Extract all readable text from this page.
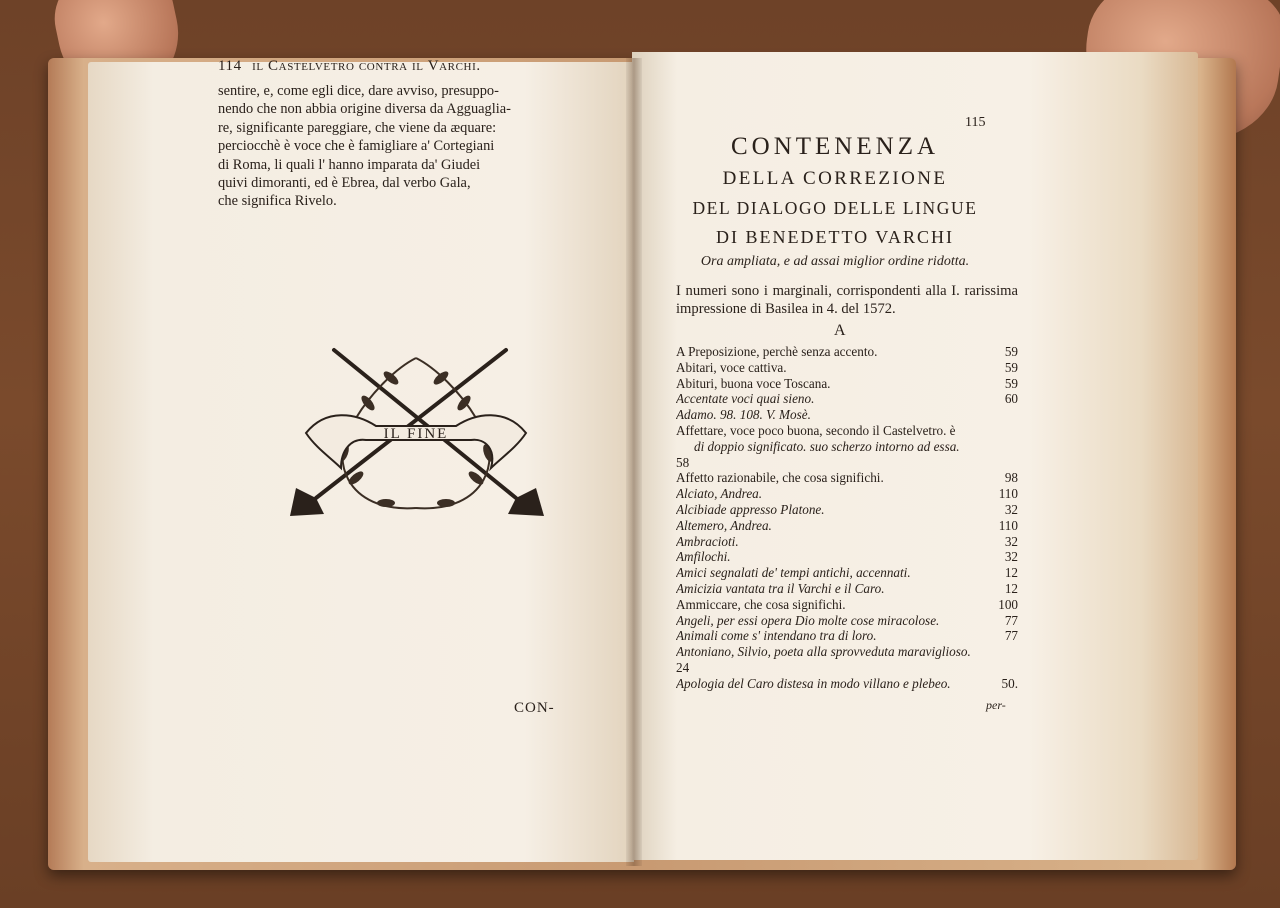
114 il Castelvetro contra il Varchi.

sentire, e, come egli dice, dare avviso, presuppo-

nendo che non abbia origine diversa da Agguagliа-

re, significante pareggiare, che viene da æquare:

perciocchè è voce che è famigliare a' Cortegiani

di Roma, li quali l' hanno imparata da' Giudei

quivi dimoranti, ed è Ebrea, dal verbo Gala,

che significa Rivelo.

IL FINE
CON-
115
CONTENENZA
DELLA CORREZIONE
DEL DIALOGO DELLE LINGUE
DI BENEDETTO VARCHI
Ora ampliata, e ad assai miglior ordine ridotta.
I numeri sono i marginali, corrispondenti alla I. rarissima impressione di Basilea in 4. del 1572.
A
A Preposizione, perchè senza accento.	59
Abitari, voce cattiva.	59
Abituri, buona voce Toscana.	59
Accentate voci quai sieno.	60
Adamo. 98. 108. V. Mosè.
Affettare, voce poco buona, secondo il Castelvetro. è
di doppio significato. suo scherzo intorno ad essa.
58
Affetto razionabile, che cosa significhi.	98
Alciato, Andrea.	110
Alcibiade appresso Platone.	32
Altemero, Andrea.	110
Ambracioti.	32
Amfilochi.	32
Amici segnalati de' tempi antichi, accennati.	12
Amicizia vantata tra il Varchi e il Caro.	12
Ammiccare, che cosa significhi.	100
Angeli, per essi opera Dio molte cose miracolose.	77
Animali come s' intendano tra di loro.	77
Antoniano, Silvio, poeta alla sprovveduta maraviglioso.
24
Apologia del Caro distesa in modo villano e plebeo.	50.
per-
